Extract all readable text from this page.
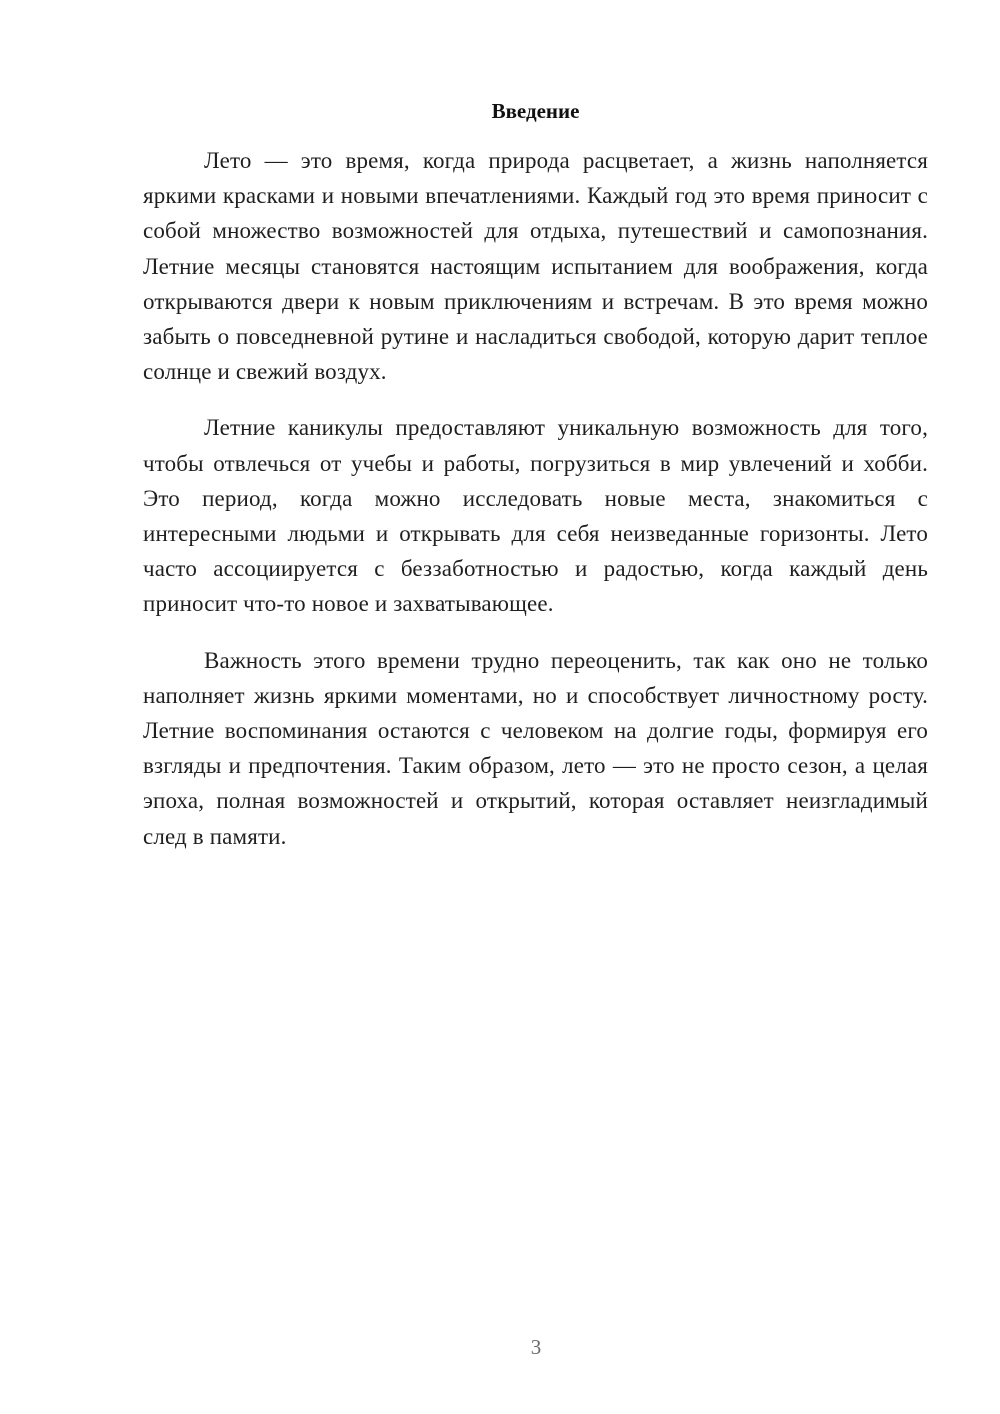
Введение

Лето — это время, когда природа расцветает, а жизнь наполняется яркими красками и новыми впечатлениями. Каждый год это время приносит с собой множество возможностей для отдыха, путешествий и самопознания. Летние месяцы становятся настоящим испытанием для воображения, когда открываются двери к новым приключениям и встречам. В это время можно забыть о повседневной рутине и насладиться свободой, которую дарит теплое солнце и свежий воздух.

Летние каникулы предоставляют уникальную возможность для того, чтобы отвлечься от учебы и работы, погрузиться в мир увлечений и хобби. Это период, когда можно исследовать новые места, знакомиться с интересными людьми и открывать для себя неизведанные горизонты. Лето часто ассоциируется с беззаботностью и радостью, когда каждый день приносит что-то новое и захватывающее.

Важность этого времени трудно переоценить, так как оно не только наполняет жизнь яркими моментами, но и способствует личностному росту. Летние воспоминания остаются с человеком на долгие годы, формируя его взгляды и предпочтения. Таким образом, лето — это не просто сезон, а целая эпоха, полная возможностей и открытий, которая оставляет неизгладимый след в памяти.

3
